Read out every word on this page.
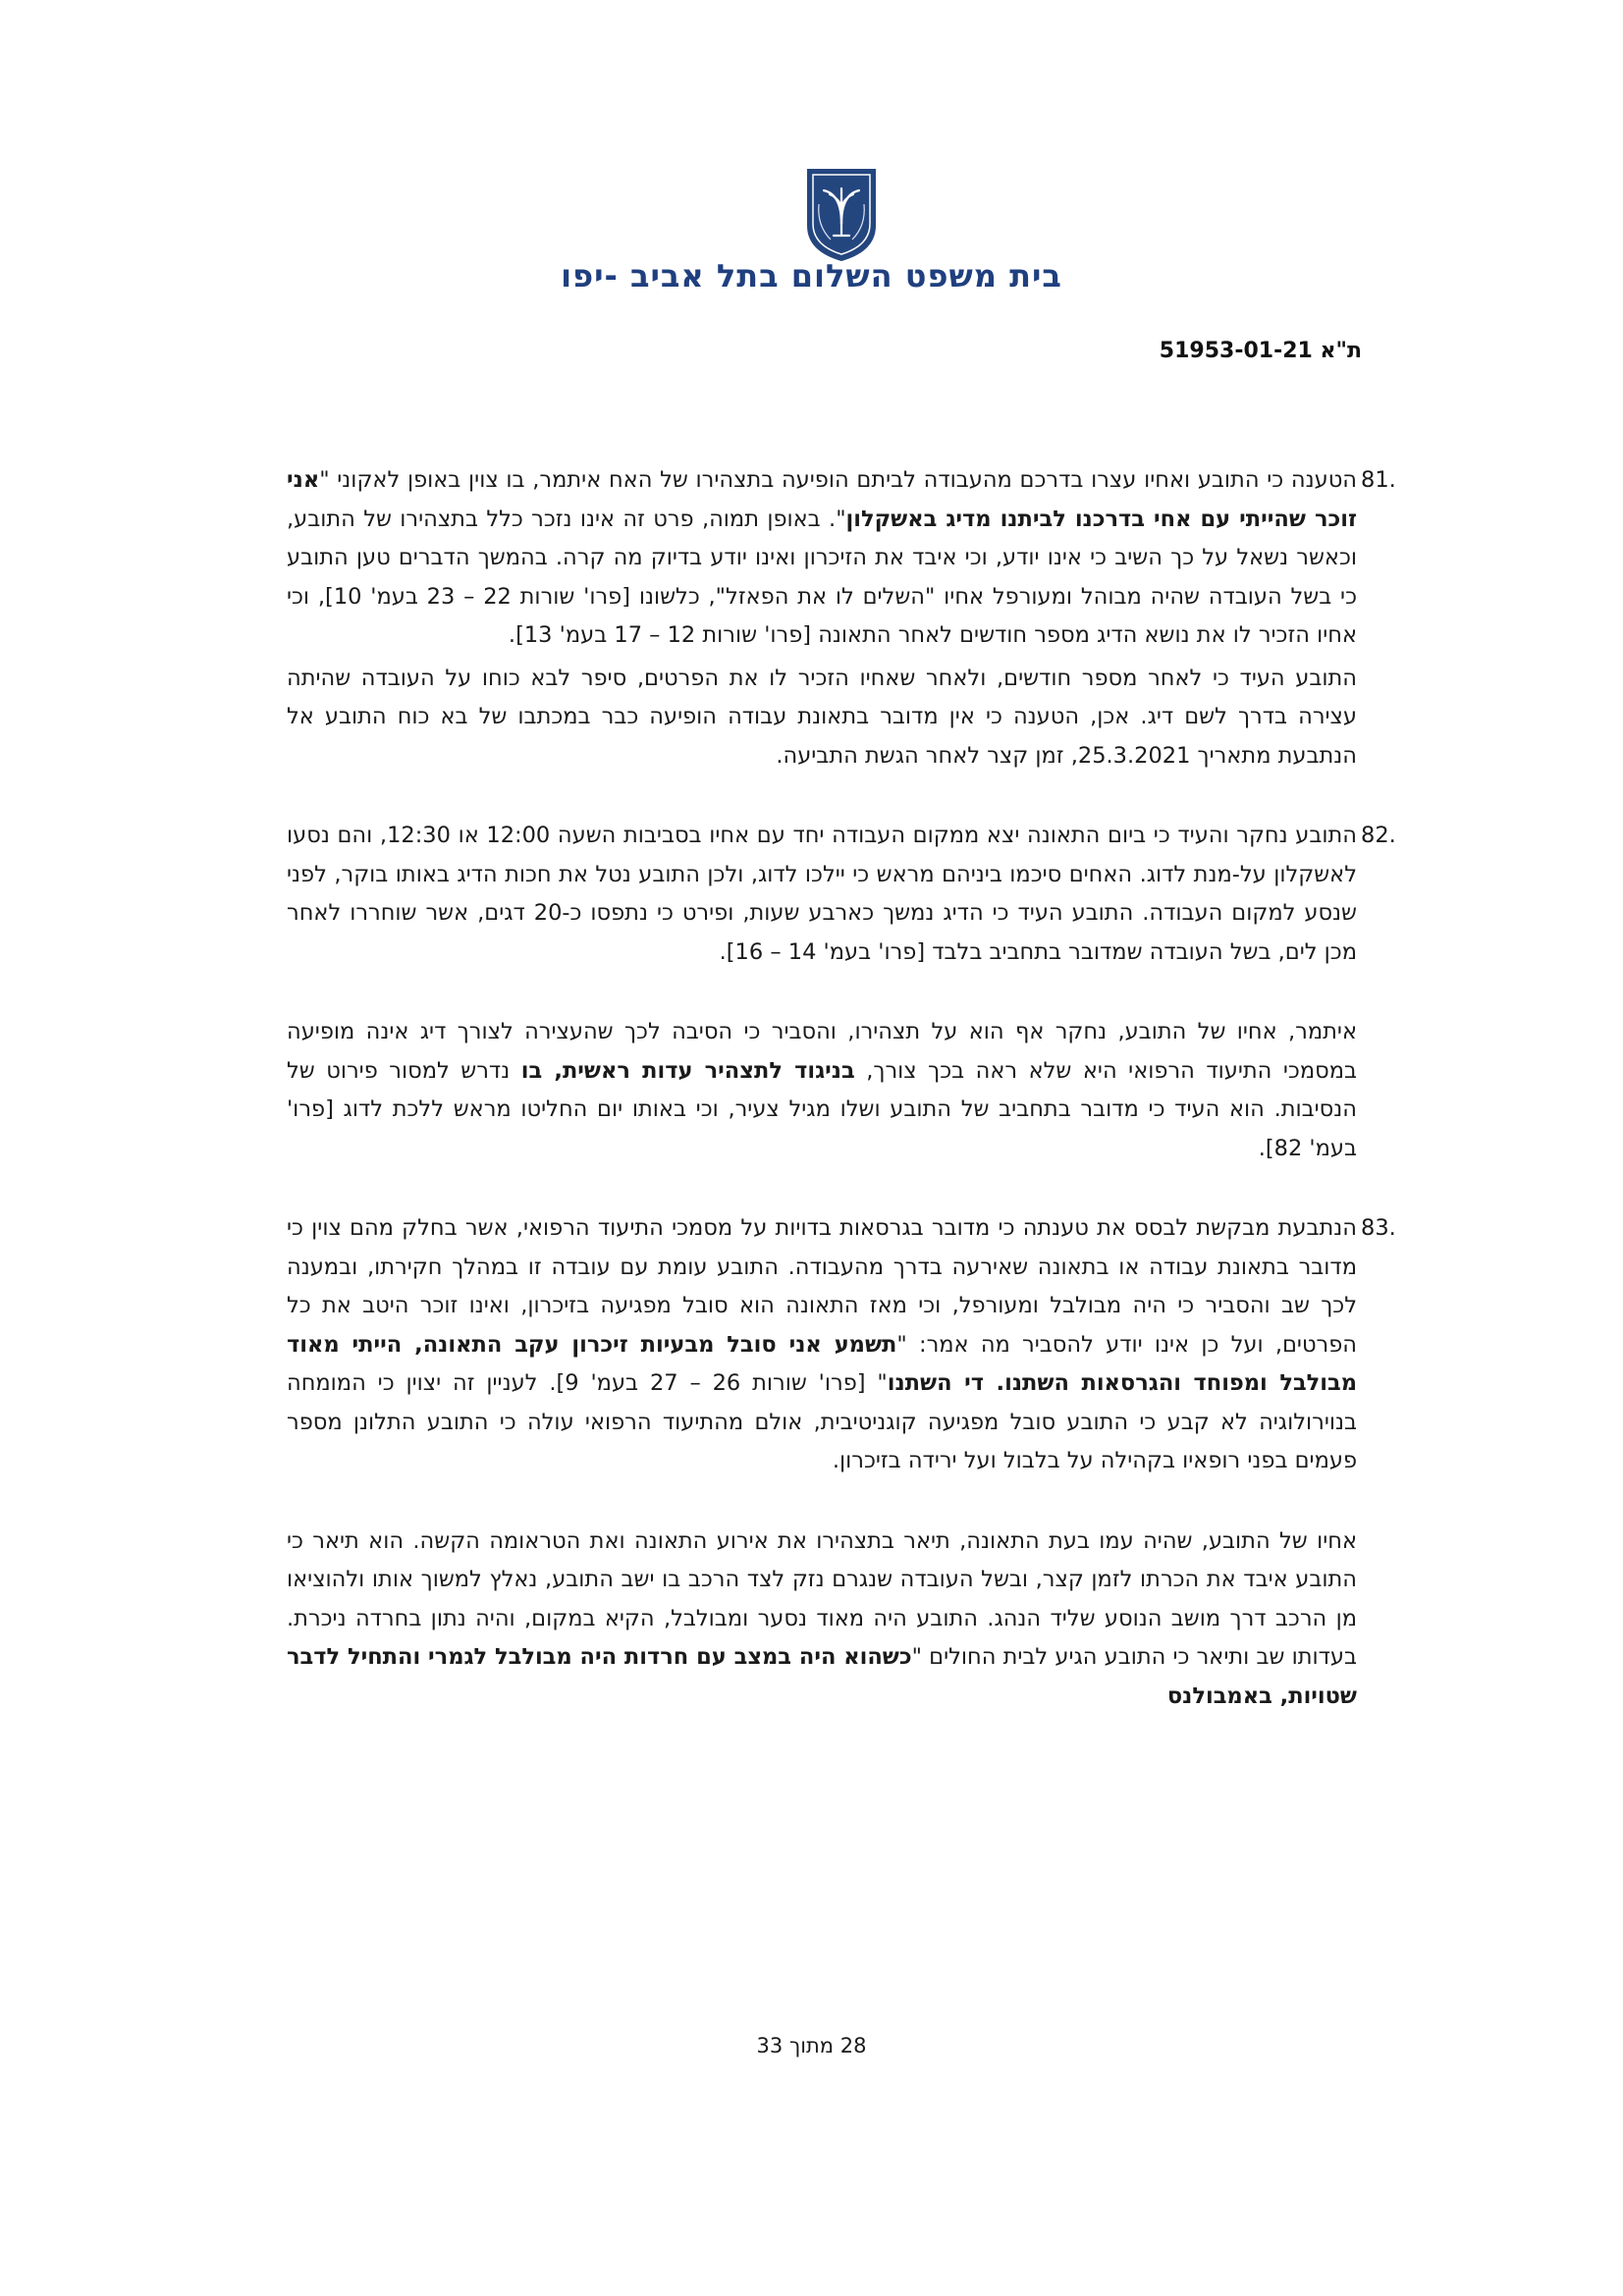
בית משפט השלום בתל אביב -יפו
ת"א 51953-01-21

81.
הטענה כי התובע ואחיו עצרו בדרכם מהעבודה לביתם הופיעה בתצהירו של האח איתמר, בו צוין באופן לאקוני "אני זוכר שהייתי עם אחי בדרכנו לביתנו מדיג באשקלון". באופן תמוה, פרט זה אינו נזכר כלל בתצהירו של התובע, וכאשר נשאל על כך השיב כי אינו יודע, וכי איבד את הזיכרון ואינו יודע בדיוק מה קרה. בהמשך הדברים טען התובע כי בשל העובדה שהיה מבוהל ומעורפל אחיו "השלים לו את הפאזל", כלשונו [פרו' שורות 22 – 23 בעמ' 10], וכי אחיו הזכיר לו את נושא הדיג מספר חודשים לאחר התאונה [פרו' שורות 12 – 17 בעמ' 13].

התובע העיד כי לאחר מספר חודשים, ולאחר שאחיו הזכיר לו את הפרטים, סיפר לבא כוחו על העובדה שהיתה עצירה בדרך לשם דיג. אכן, הטענה כי אין מדובר בתאונת עבודה הופיעה כבר במכתבו של בא כוח התובע אל הנתבעת מתאריך 25.3.2021, זמן קצר לאחר הגשת התביעה.

82.
התובע נחקר והעיד כי ביום התאונה יצא ממקום העבודה יחד עם אחיו בסביבות השעה 12:00 או 12:30, והם נסעו לאשקלון על-מנת לדוג. האחים סיכמו ביניהם מראש כי יילכו לדוג, ולכן התובע נטל את חכות הדיג באותו בוקר, לפני שנסע למקום העבודה. התובע העיד כי הדיג נמשך כארבע שעות, ופירט כי נתפסו כ-20 דגים, אשר שוחררו לאחר מכן לים, בשל העובדה שמדובר בתחביב בלבד [פרו' בעמ' 14 – 16].

איתמר, אחיו של התובע, נחקר אף הוא על תצהירו, והסביר כי הסיבה לכך שהעצירה לצורך דיג אינה מופיעה במסמכי התיעוד הרפואי היא שלא ראה בכך צורך, בניגוד לתצהיר עדות ראשית, בו נדרש למסור פירוט של הנסיבות. הוא העיד כי מדובר בתחביב של התובע ושלו מגיל צעיר, וכי באותו יום החליטו מראש ללכת לדוג [פרו' בעמ' 82].

83.
הנתבעת מבקשת לבסס את טענתה כי מדובר בגרסאות בדויות על מסמכי התיעוד הרפואי, אשר בחלק מהם צוין כי מדובר בתאונת עבודה או בתאונה שאירעה בדרך מהעבודה. התובע עומת עם עובדה זו במהלך חקירתו, ובמענה לכך שב והסביר כי היה מבולבל ומעורפל, וכי מאז התאונה הוא סובל מפגיעה בזיכרון, ואינו זוכר היטב את כל הפרטים, ועל כן אינו יודע להסביר מה אמר: "תשמע אני סובל מבעיות זיכרון עקב התאונה, הייתי מאוד מבולבל ומפוחד והגרסאות השתנו. די השתנו" [פרו' שורות 26 – 27 בעמ' 9]. לעניין זה יצוין כי המומחה בנוירולוגיה לא קבע כי התובע סובל מפגיעה קוגניטיבית, אולם מהתיעוד הרפואי עולה כי התובע התלונן מספר פעמים בפני רופאיו בקהילה על בלבול ועל ירידה בזיכרון.

אחיו של התובע, שהיה עמו בעת התאונה, תיאר בתצהירו את אירוע התאונה ואת הטראומה הקשה. הוא תיאר כי התובע איבד את הכרתו לזמן קצר, ובשל העובדה שנגרם נזק לצד הרכב בו ישב התובע, נאלץ למשוך אותו ולהוציאו מן הרכב דרך מושב הנוסע שליד הנהג. התובע היה מאוד נסער ומבולבל, הקיא במקום, והיה נתון בחרדה ניכרת. בעדותו שב ותיאר כי התובע הגיע לבית החולים "כשהוא היה במצב עם חרדות היה מבולבל לגמרי והתחיל לדבר שטויות, באמבולנס

28 מתוך 33
